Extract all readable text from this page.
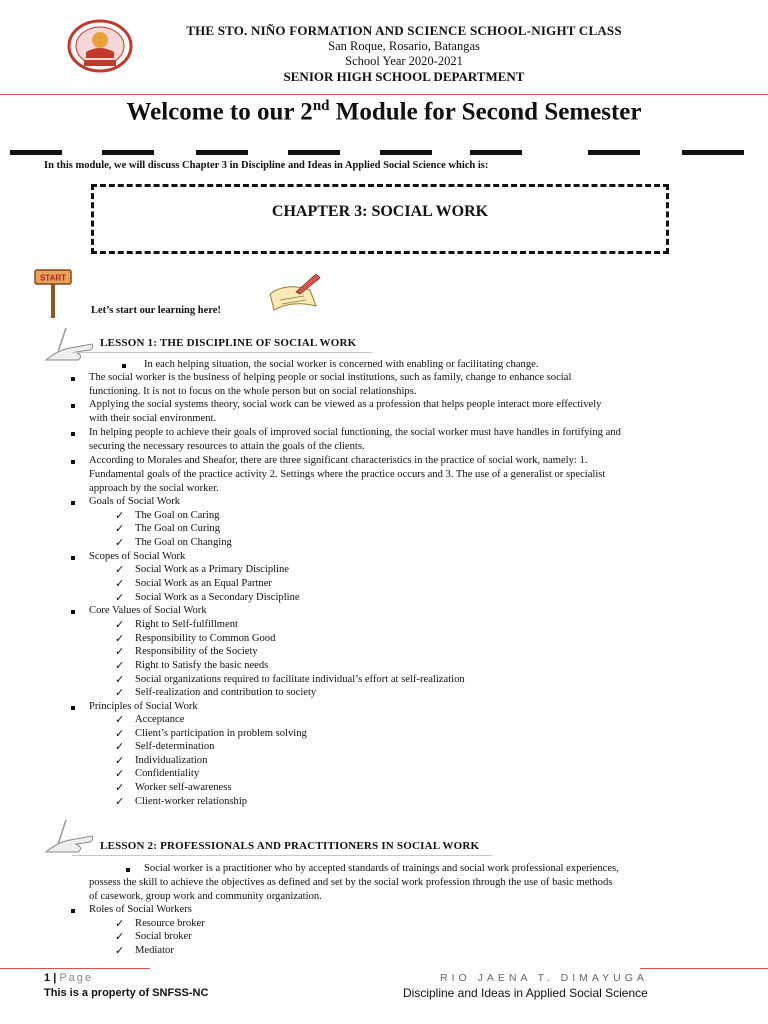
THE STO. NIÑO FORMATION AND SCIENCE SCHOOL-NIGHT CLASS
San Roque, Rosario, Batangas
School Year 2020-2021
SENIOR HIGH SCHOOL DEPARTMENT
Welcome to our 2nd Module for Second Semester
In this module, we will discuss Chapter 3 in Discipline and Ideas in Applied Social Science which is:
CHAPTER 3: SOCIAL WORK
START
Let’s start our learning here!
LESSON 1: THE DISCIPLINE OF SOCIAL WORK
In each helping situation, the social worker is concerned with enabling or facilitating change.
The social worker is the business of helping people or social institutions, such as family, change to enhance social
functioning. It is not to focus on the whole person but on social relationships.
Applying the social systems theory, social work can be viewed as a profession that helps people interact more effectively
with their social environment.
In helping people to achieve their goals of improved social functioning, the social worker must have handles in fortifying and
securing the necessary resources to attain the goals of the clients.
According to Morales and Sheafor, there are three significant characteristics in the practice of social work, namely: 1.
Fundamental goals of the practice activity 2. Settings where the practice occurs and 3. The use of a generalist or specialist
approach by the social worker.
Goals of Social Work
✓ The Goal on Caring
✓ The Goal on Curing
✓ The Goal on Changing
Scopes of Social Work
✓ Social Work as a Primary Discipline
✓ Social Work as an Equal Partner
✓ Social Work as a Secondary Discipline
Core Values of Social Work
✓ Right to Self-fulfillment
✓ Responsibility to Common Good
✓ Responsibility of the Society
✓ Right to Satisfy the basic needs
✓ Social organizations required to facilitate individual’s effort at self-realization
✓ Self-realization and contribution to society
Principles of Social Work
✓ Acceptance
✓ Client’s participation in problem solving
✓ Self-determination
✓ Individualization
✓ Confidentiality
✓ Worker self-awareness
✓ Client-worker relationship
LESSON 2: PROFESSIONALS AND PRACTITIONERS IN SOCIAL WORK
Social worker is a practitioner who by accepted standards of trainings and social work professional experiences,
possess the skill to achieve the objectives as defined and set by the social work profession through the use of basic methods
of casework, group work and community organization.
Roles of Social Workers
✓ Resource broker
✓ Social broker
✓ Mediator
1 | Page	RIO JAENA T. DIMAYUGA
This is a property of SNFSS-NC	Discipline and Ideas in Applied Social Science
